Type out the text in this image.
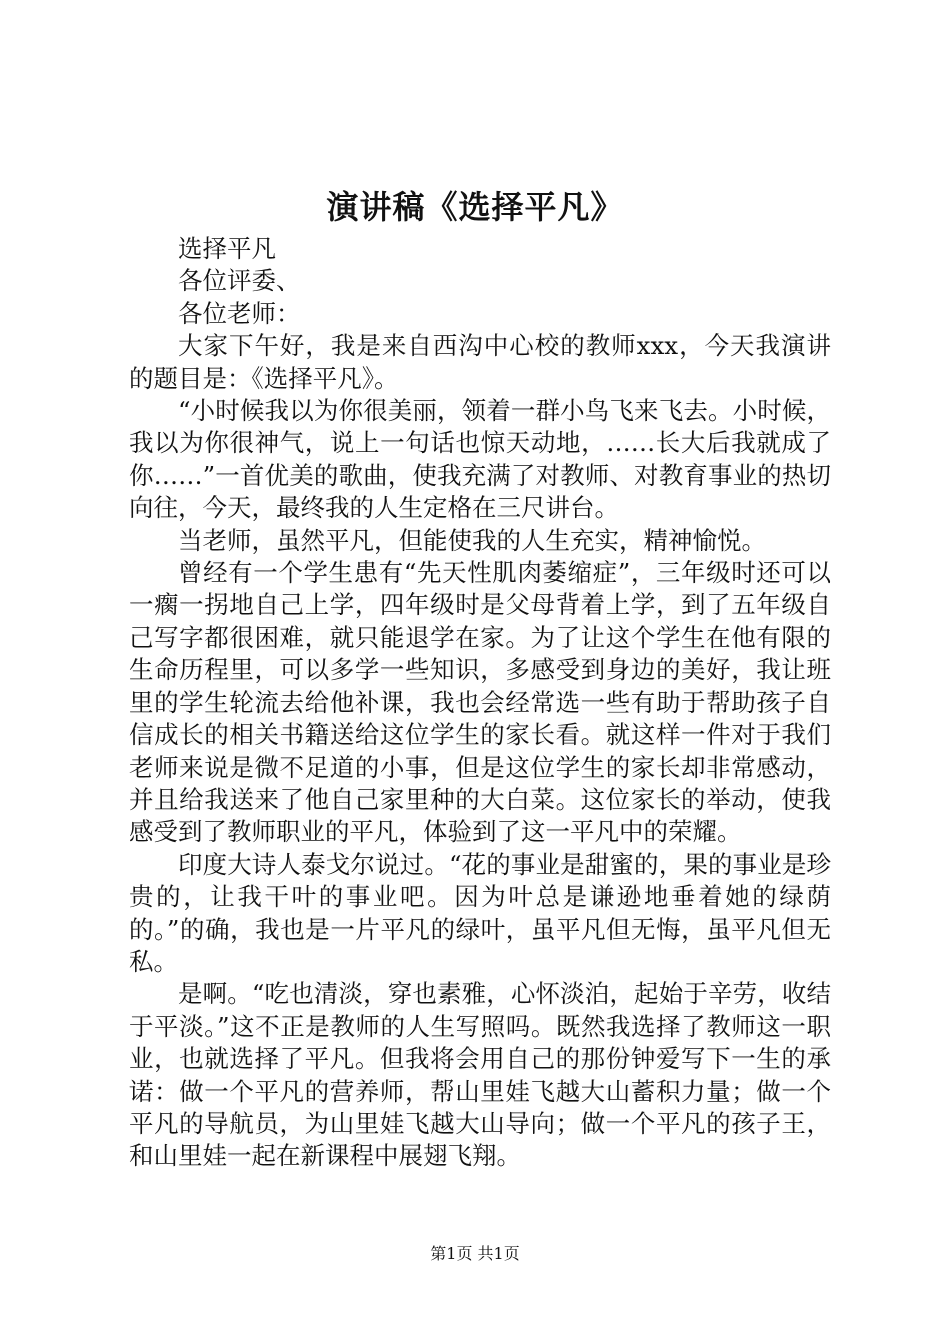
演讲稿《选择平凡》

选择平凡

各位评委、

各位老师：

大家下午好，我是来自西沟中心校的教师xxx，今天我演讲的题目是：《选择平凡》。

“小时候我以为你很美丽，领着一群小鸟飞来飞去。小时候，我以为你很神气，说上一句话也惊天动地，……长大后我就成了你……”一首优美的歌曲，使我充满了对教师、对教育事业的热切向往，今天，最终我的人生定格在三尺讲台。

当老师，虽然平凡，但能使我的人生充实，精神愉悦。

曾经有一个学生患有“先天性肌肉萎缩症”，三年级时还可以一瘸一拐地自己上学，四年级时是父母背着上学，到了五年级自己写字都很困难，就只能退学在家。为了让这个学生在他有限的生命历程里，可以多学一些知识，多感受到身边的美好，我让班里的学生轮流去给他补课，我也会经常选一些有助于帮助孩子自信成长的相关书籍送给这位学生的家长看。就这样一件对于我们老师来说是微不足道的小事，但是这位学生的家长却非常感动，并且给我送来了他自己家里种的大白菜。这位家长的举动，使我感受到了教师职业的平凡，体验到了这一平凡中的荣耀。

印度大诗人泰戈尔说过。“花的事业是甜蜜的，果的事业是珍贵的，让我干叶的事业吧。因为叶总是谦逊地垂着她的绿荫的。”的确，我也是一片平凡的绿叶，虽平凡但无悔，虽平凡但无私。

是啊。“吃也清淡，穿也素雅，心怀淡泊，起始于辛劳，收结于平淡。”这不正是教师的人生写照吗。既然我选择了教师这一职业，也就选择了平凡。但我将会用自己的那份钟爱写下一生的承诺：做一个平凡的营养师，帮山里娃飞越大山蓄积力量；做一个平凡的导航员，为山里娃飞越大山导向；做一个平凡的孩子王，和山里娃一起在新课程中展翅飞翔。

第1页 共1页
